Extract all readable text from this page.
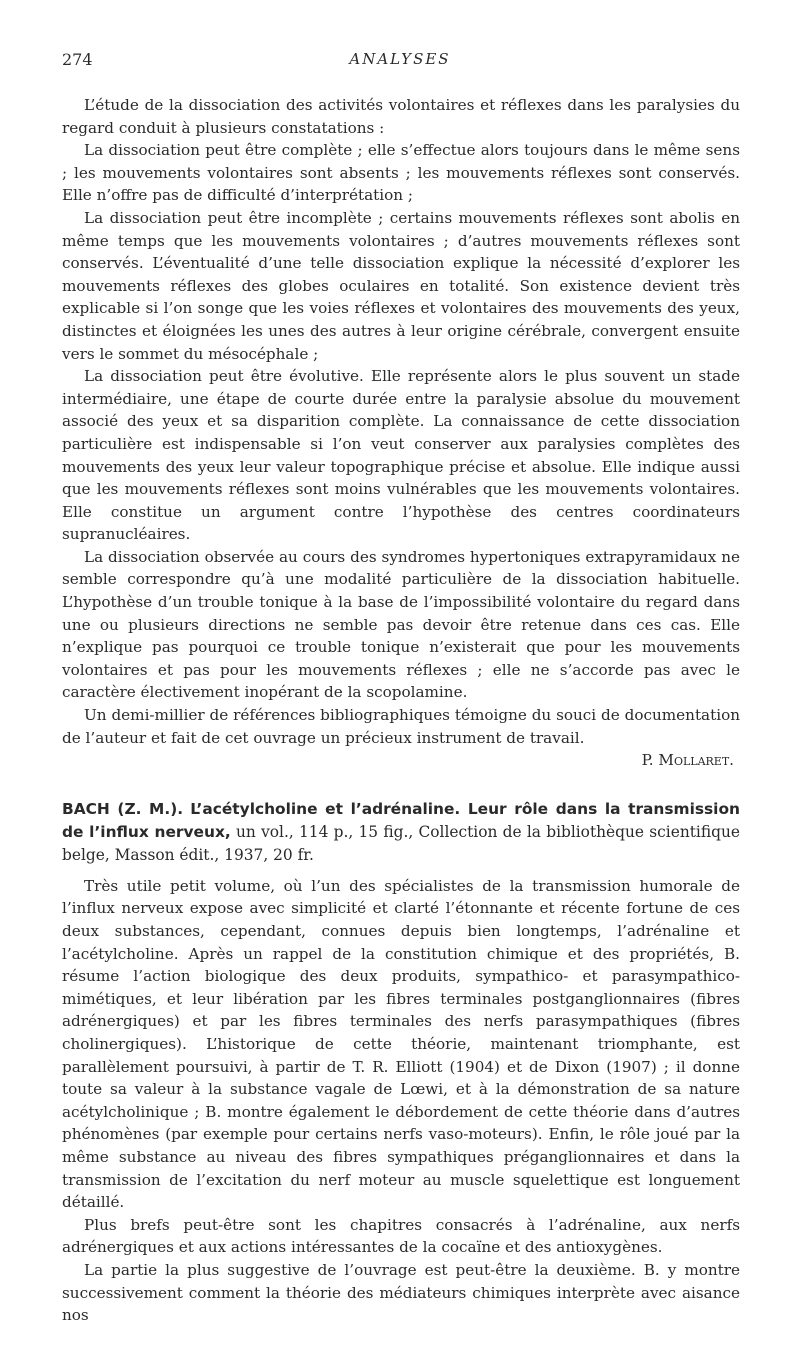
274	ANALYSES

L’étude de la dissociation des activités volontaires et réflexes dans les paralysies du regard conduit à plusieurs constatations :

La dissociation peut être complète ; elle s’effectue alors toujours dans le même sens ; les mouvements volontaires sont absents ; les mouvements réflexes sont conservés. Elle n’offre pas de difficulté d’interprétation ;

La dissociation peut être incomplète ; certains mouvements réflexes sont abolis en même temps que les mouvements volontaires ; d’autres mouvements réflexes sont conservés. L’éventualité d’une telle dissociation explique la nécessité d’explorer les mouvements réflexes des globes oculaires en totalité. Son existence devient très explicable si l’on songe que les voies réflexes et volontaires des mouvements des yeux, distinctes et éloignées les unes des autres à leur origine cérébrale, convergent ensuite vers le sommet du mésocéphale ;

La dissociation peut être évolutive. Elle représente alors le plus souvent un stade intermédiaire, une étape de courte durée entre la paralysie absolue du mouvement associé des yeux et sa disparition complète. La connaissance de cette dissociation particulière est indispensable si l’on veut conserver aux paralysies complètes des mouvements des yeux leur valeur topographique précise et absolue. Elle indique aussi que les mouvements réflexes sont moins vulnérables que les mouvements volontaires. Elle constitue un argument contre l’hypothèse des centres coordinateurs supranucléaires.

La dissociation observée au cours des syndromes hypertoniques extrapyramidaux ne semble correspondre qu’à une modalité particulière de la dissociation habituelle. L’hypothèse d’un trouble tonique à la base de l’impossibilité volontaire du regard dans une ou plusieurs directions ne semble pas devoir être retenue dans ces cas. Elle n’explique pas pourquoi ce trouble tonique n’existerait que pour les mouvements volontaires et pas pour les mouvements réflexes ; elle ne s’accorde pas avec le caractère électivement inopérant de la scopolamine.

Un demi-millier de références bibliographiques témoigne du souci de documentation de l’auteur et fait de cet ouvrage un précieux instrument de travail.

P. Mollaret.

BACH (Z. M.). L’acétylcholine et l’adrénaline. Leur rôle dans la transmission de l’influx nerveux, un vol., 114 p., 15 fig., Collection de la bibliothèque scientifique belge, Masson édit., 1937, 20 fr.

Très utile petit volume, où l’un des spécialistes de la transmission humorale de l’influx nerveux expose avec simplicité et clarté l’étonnante et récente fortune de ces deux substances, cependant, connues depuis bien longtemps, l’adrénaline et l’acétylcholine. Après un rappel de la constitution chimique et des propriétés, B. résume l’action biologique des deux produits, sympathico- et parasympathico-mimétiques, et leur libération par les fibres terminales postganglionnaires (fibres adrénergiques) et par les fibres terminales des nerfs parasympathiques (fibres cholinergiques). L’historique de cette théorie, maintenant triomphante, est parallèlement poursuivi, à partir de T. R. Elliott (1904) et de Dixon (1907) ; il donne toute sa valeur à la substance vagale de Lœwi, et à la démonstration de sa nature acétylcholinique ; B. montre également le débordement de cette théorie dans d’autres phénomènes (par exemple pour certains nerfs vaso-moteurs). Enfin, le rôle joué par la même substance au niveau des fibres sympathiques préganglionnaires et dans la transmission de l’excitation du nerf moteur au muscle squelettique est longuement détaillé.

Plus brefs peut-être sont les chapitres consacrés à l’adrénaline, aux nerfs adrénergiques et aux actions intéressantes de la cocaïne et des antioxygènes.

La partie la plus suggestive de l’ouvrage est peut-être la deuxième. B. y montre successivement comment la théorie des médiateurs chimiques interprète avec aisance nos
